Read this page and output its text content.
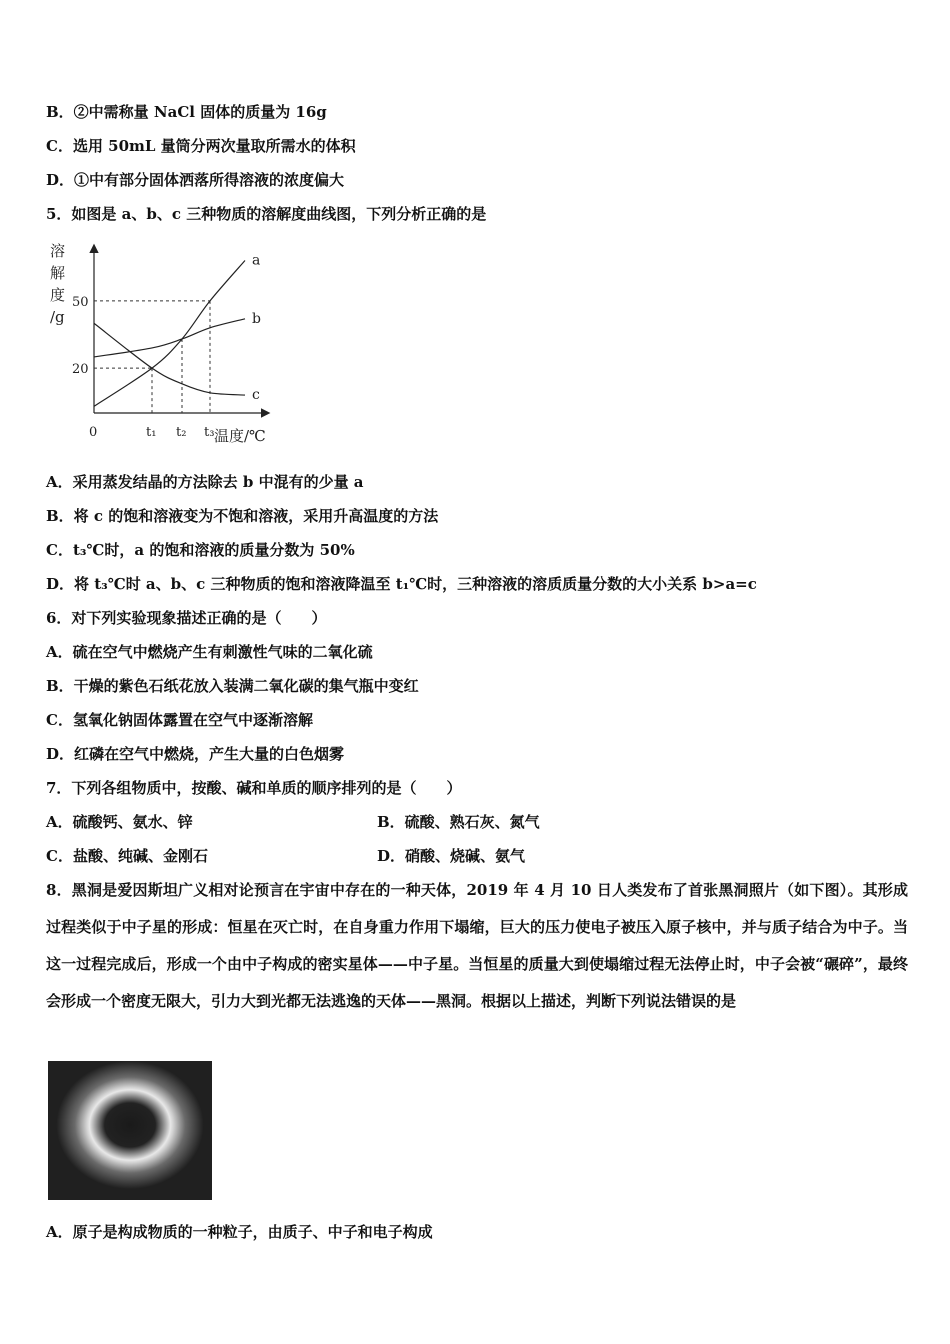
B．②中需称量 NaCl 固体的质量为 16g
C．选用 50mL 量筒分两次量取所需水的体积
D．①中有部分固体洒落所得溶液的浓度偏大
5．如图是 a、b、c 三种物质的溶解度曲线图，下列分析正确的是
溶
解
度
/g
0
50
20
t₁ t₂ t₃ 温度/℃
a
b
c
A．采用蒸发结晶的方法除去 b 中混有的少量 a
B．将 c 的饱和溶液变为不饱和溶液，采用升高温度的方法
C．t₃℃时，a 的饱和溶液的质量分数为 50%
D．将 t₃℃时 a、b、c 三种物质的饱和溶液降温至 t₁℃时，三种溶液的溶质质量分数的大小关系 b>a=c
6．对下列实验现象描述正确的是（　　）
A．硫在空气中燃烧产生有刺激性气味的二氧化硫
B．干燥的紫色石纸花放入装满二氧化碳的集气瓶中变红
C．氢氧化钠固体露置在空气中逐渐溶解
D．红磷在空气中燃烧，产生大量的白色烟雾
7．下列各组物质中，按酸、碱和单质的顺序排列的是（　　）
A．硫酸钙、氨水、锌	B．硫酸、熟石灰、氮气
C．盐酸、纯碱、金刚石	D．硝酸、烧碱、氨气
8．黑洞是爱因斯坦广义相对论预言在宇宙中存在的一种天体，2019 年 4 月 10 日人类发布了首张黑洞照片（如下图）。其形成过程类似于中子星的形成：恒星在灭亡时，在自身重力作用下塌缩，巨大的压力使电子被压入原子核中，并与质子结合为中子。当这一过程完成后，形成一个由中子构成的密实星体——中子星。当恒星的质量大到使塌缩过程无法停止时，中子会被“碾碎”，最终会形成一个密度无限大，引力大到光都无法逃逸的天体——黑洞。根据以上描述，判断下列说法错误的是
A．原子是构成物质的一种粒子，由质子、中子和电子构成
